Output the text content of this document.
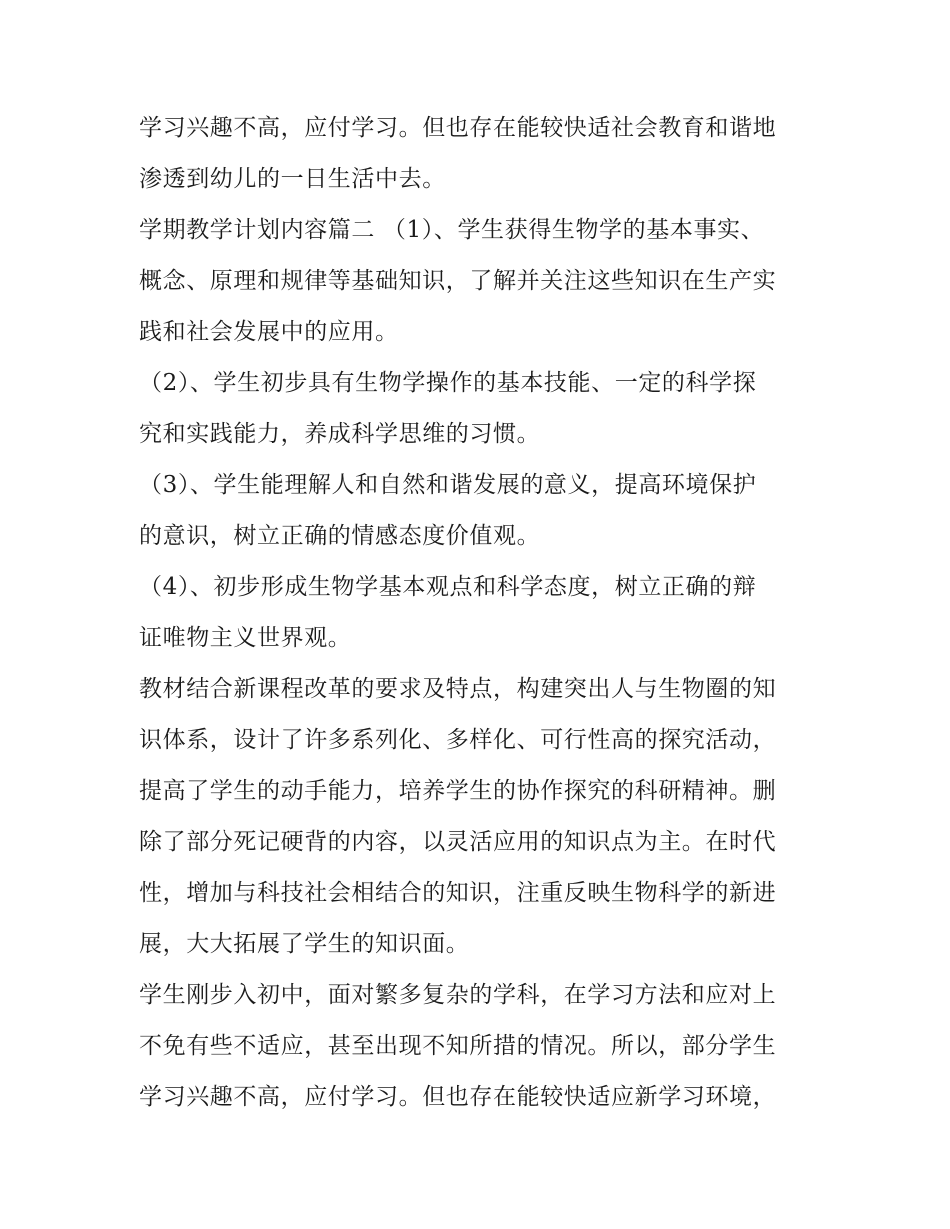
学习兴趣不高，应付学习。但也存在能较快适社会教育和谐地
渗透到幼儿的一日生活中去。
学期教学计划内容篇二 （1）、学生获得生物学的基本事实、
概念、原理和规律等基础知识，了解并关注这些知识在生产实
践和社会发展中的应用。
（2）、学生初步具有生物学操作的基本技能、一定的科学探
究和实践能力，养成科学思维的习惯。
（3）、学生能理解人和自然和谐发展的意义，提高环境保护
的意识，树立正确的情感态度价值观。
（4）、初步形成生物学基本观点和科学态度，树立正确的辩
证唯物主义世界观。
教材结合新课程改革的要求及特点，构建突出人与生物圈的知
识体系，设计了许多系列化、多样化、可行性高的探究活动，
提高了学生的动手能力，培养学生的协作探究的科研精神。删
除了部分死记硬背的内容，以灵活应用的知识点为主。在时代
性，增加与科技社会相结合的知识，注重反映生物科学的新进
展，大大拓展了学生的知识面。
学生刚步入初中，面对繁多复杂的学科，在学习方法和应对上
不免有些不适应，甚至出现不知所措的情况。所以，部分学生
学习兴趣不高，应付学习。但也存在能较快适应新学习环境，
